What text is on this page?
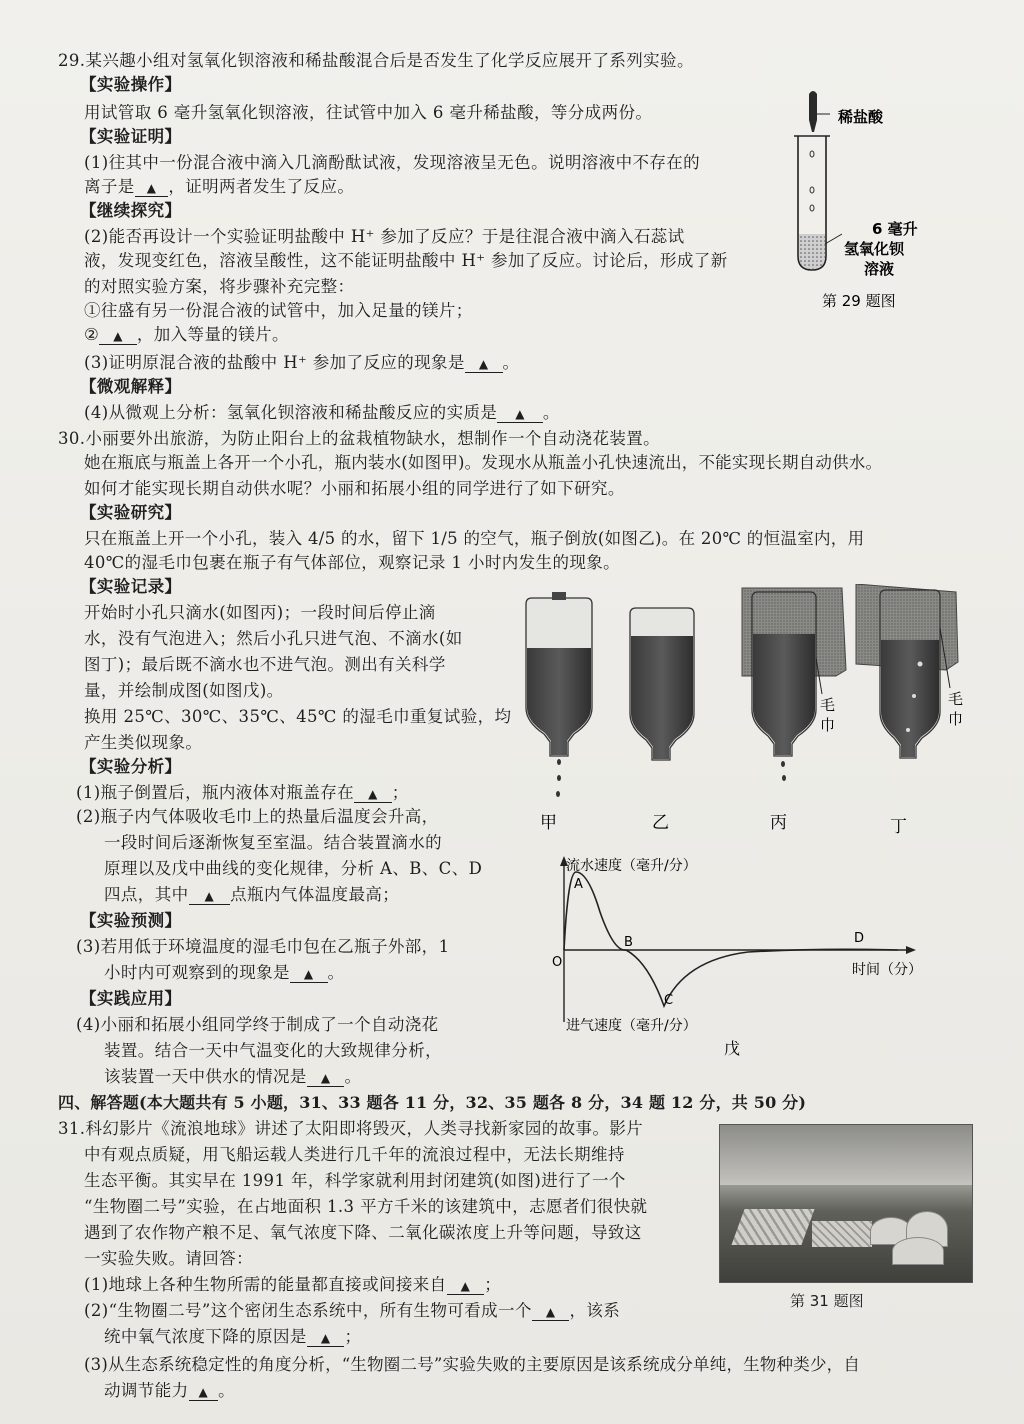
29.某兴趣小组对氢氧化钡溶液和稀盐酸混合后是否发生了化学反应展开了系列实验。
【实验操作】
用试管取 6 毫升氢氧化钡溶液，往试管中加入 6 毫升稀盐酸，等分成两份。
【实验证明】
(1)往其中一份混合液中滴入几滴酚酞试液，发现溶液呈无色。说明溶液中不存在的
离子是 ▲ ，证明两者发生了反应。
【继续探究】
(2)能否再设计一个实验证明盐酸中 H⁺ 参加了反应？于是往混合液中滴入石蕊试
液，发现变红色，溶液呈酸性，这不能证明盐酸中 H⁺ 参加了反应。讨论后，形成了新
的对照实验方案，将步骤补充完整：
①往盛有另一份混合液的试管中，加入足量的镁片；
② ▲ ，加入等量的镁片。
(3)证明原混合液的盐酸中 H⁺ 参加了反应的现象是 ▲ 。
【微观解释】
(4)从微观上分析：氢氧化钡溶液和稀盐酸反应的实质是 ▲ 。
稀盐酸
6 毫升
氢氧化钡
溶液
第 29 题图
30.小丽要外出旅游，为防止阳台上的盆栽植物缺水，想制作一个自动浇花装置。
她在瓶底与瓶盖上各开一个小孔，瓶内装水(如图甲)。发现水从瓶盖小孔快速流出，不能实现长期自动供水。
如何才能实现长期自动供水呢？小丽和拓展小组的同学进行了如下研究。
【实验研究】
只在瓶盖上开一个小孔，装入 4/5 的水，留下 1/5 的空气，瓶子倒放(如图乙)。在 20℃ 的恒温室内，用
40℃的湿毛巾包裹在瓶子有气体部位，观察记录 1 小时内发生的现象。
【实验记录】
开始时小孔只滴水(如图丙)；一段时间后停止滴
水，没有气泡进入；然后小孔只进气泡、不滴水(如
图丁)；最后既不滴水也不进气泡。测出有关科学
量，并绘制成图(如图戊)。
换用 25℃、30℃、35℃、45℃ 的湿毛巾重复试验，均
产生类似现象。
【实验分析】
(1)瓶子倒置后，瓶内液体对瓶盖存在 ▲ ；
(2)瓶子内气体吸收毛巾上的热量后温度会升高，
一段时间后逐渐恢复至室温。结合装置滴水的
原理以及戊中曲线的变化规律，分析 A、B、C、D
四点，其中 ▲ 点瓶内气体温度最高；
【实验预测】
(3)若用低于环境温度的湿毛巾包在乙瓶子外部，1
小时内可观察到的现象是 ▲ 。
【实践应用】
(4)小丽和拓展小组同学终于制成了一个自动浇花
装置。结合一天中气温变化的大致规律分析，
该装置一天中供水的情况是 ▲ 。
甲	乙
毛
巾
丙
毛
巾
丁
流水速度（毫升/分）
进气速度（毫升/分）
时间（分）
O
A
B
C
D
戊
四、解答题(本大题共有 5 小题，31、33 题各 11 分，32、35 题各 8 分，34 题 12 分，共 50 分)
31.科幻影片《流浪地球》讲述了太阳即将毁灭，人类寻找新家园的故事。影片
中有观点质疑，用飞船运载人类进行几千年的流浪过程中，无法长期维持
生态平衡。其实早在 1991 年，科学家就利用封闭建筑(如图)进行了一个
“生物圈二号”实验，在占地面积 1.3 平方千米的该建筑中，志愿者们很快就
遇到了农作物产粮不足、氧气浓度下降、二氧化碳浓度上升等问题，导致这
一实验失败。请回答：
(1)地球上各种生物所需的能量都直接或间接来自 ▲ ；
(2)“生物圈二号”这个密闭生态系统中，所有生物可看成一个 ▲ ，该系
统中氧气浓度下降的原因是 ▲ ；
(3)从生态系统稳定性的角度分析，“生物圈二号”实验失败的主要原因是该系统成分单纯，生物种类少，自
动调节能力 ▲ 。
第 31 题图
